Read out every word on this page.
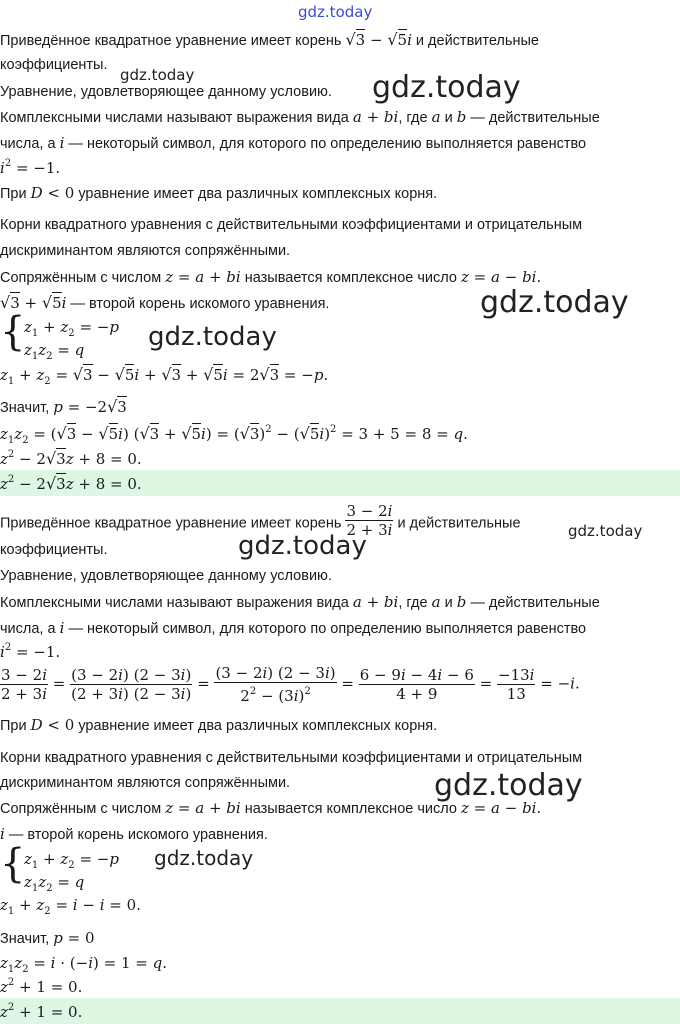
Приведённое квадратное уравнение имеет корень √3 − √5i и действительные
коэффициенты.
Уравнение, удовлетворяющее данному условию.
Комплексными числами называют выражения вида a + bi, где a и b — действительные
числа, а i — некоторый символ, для которого по определению выполняется равенство
$i^2 = -1$.
При D < 0 уравнение имеет два различных комплексных корня.
Корни квадратного уравнения с действительными коэффициентами и отрицательным
дискриминантом являются сопряжёнными.
Сопряжённым с числом z = a + bi называется комплексное число z = a − bi.
√3 + √5i — второй корень искомого уравнения.
{
$z_1 + z_2 = -p$
$z_1z_2 = q$
$z_1 + z_2 = √3 - √5i + √3 + √5i = 2√3 = -p$.
Значит, p = −2√3
$z_1z_2 = (√3 - √5i) (√3 + √5i) = (√3)^2 - (√5i)^2 = 3 + 5 = 8 = q$.
$z^2 - 2√3z + 8 = 0$.
$z^2 - 2√3z + 8 = 0$.
Приведённое квадратное уравнение имеет корень $\frac{3 - 2i}{2 + 3i}$ и действительные
коэффициенты.
Уравнение, удовлетворяющее данному условию.
Комплексными числами называют выражения вида a + bi, где a и b — действительные
числа, а i — некоторый символ, для которого по определению выполняется равенство
$i^2 = -1$.
$\frac{3 - 2i}{2 + 3i} = \frac{(3 - 2i) (2 - 3i)}{(2 + 3i) (2 - 3i)} = \frac{(3 - 2i) (2 - 3i)}{2^2 - (3i)^2} = \frac{6 - 9i - 4i - 6}{4 + 9} = \frac{-13i}{13} = -i$.
При D < 0 уравнение имеет два различных комплексных корня.
Корни квадратного уравнения с действительными коэффициентами и отрицательным
дискриминантом являются сопряжёнными.
Сопряжённым с числом z = a + bi называется комплексное число z = a − bi.
i — второй корень искомого уравнения.
{
$z_1 + z_2 = -p$
$z_1z_2 = q$
$z_1 + z_2 = i - i = 0$.
Значит, p = 0
$z_1z_2 = i \cdot (-i) = 1 = q$.
$z^2 + 1 = 0$.
$z^2 + 1 = 0$.
gdz.today
gdz.today	gdz.today
gdz.today
gdz.today
gdz.today
gdz.today
gdz.today
gdz.today
